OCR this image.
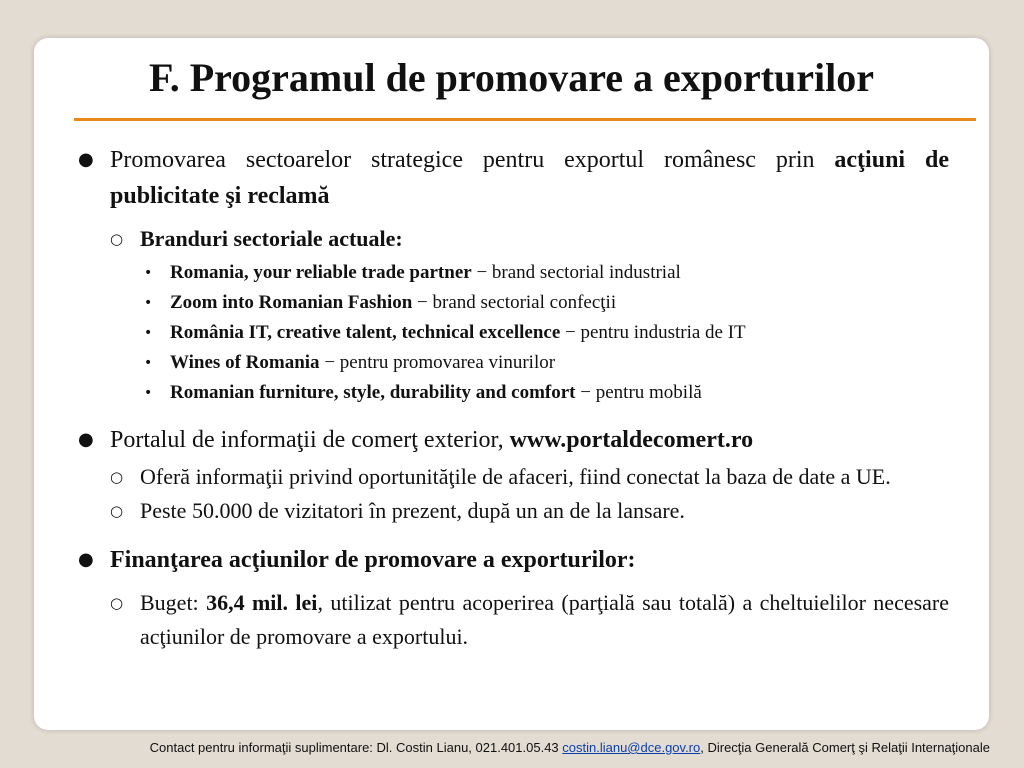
F. Programul de promovare a exporturilor
● Promovarea sectoarelor strategice pentru exportul românesc prin acţiuni de publicitate şi reclamă
○ Branduri sectoriale actuale:
• Romania, your reliable trade partner − brand sectorial industrial
• Zoom into Romanian Fashion − brand sectorial confecţii
• România IT, creative talent, technical excellence − pentru industria de IT
• Wines of Romania − pentru promovarea vinurilor
• Romanian furniture, style, durability and comfort − pentru mobilă
● Portalul de informaţii de comerţ exterior, www.portaldecomert.ro
○ Oferă informaţii privind oportunităţile de afaceri, fiind conectat la baza de date a UE.
○ Peste 50.000 de vizitatori în prezent, după un an de la lansare.
● Finanţarea acţiunilor de promovare a exporturilor:
○ Buget: 36,4 mil. lei, utilizat pentru acoperirea (parţială sau totală) a cheltuielilor necesare acţiunilor de promovare a exportului.
Contact pentru informaţii suplimentare: Dl. Costin Lianu, 021.401.05.43 costin.lianu@dce.gov.ro, Direcţia Generală Comerţ şi Relaţii Internaţionale
